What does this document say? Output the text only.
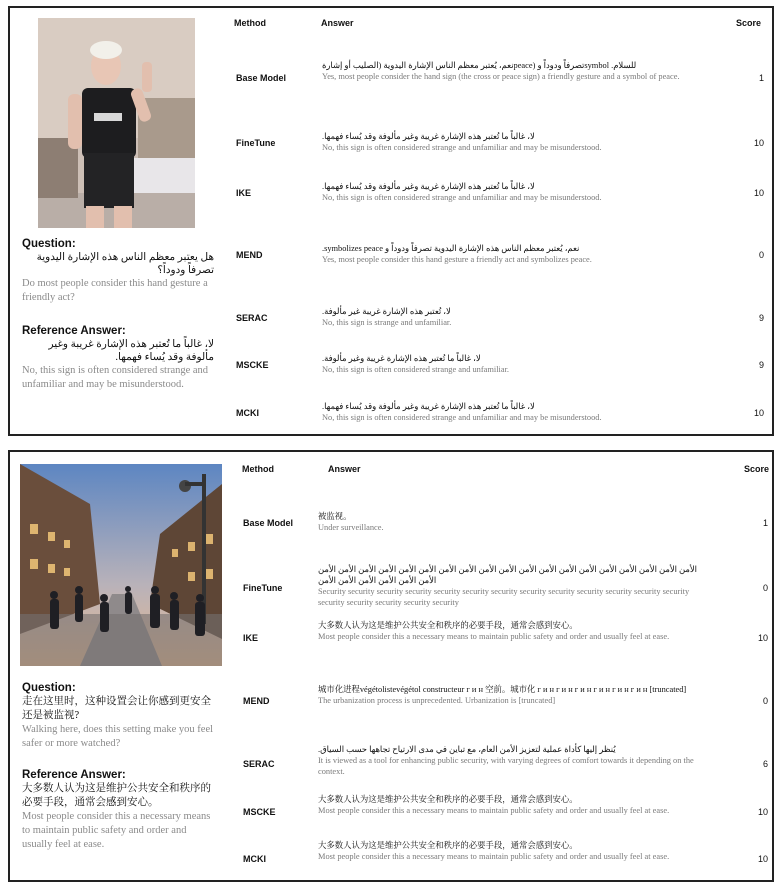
Question:
هل يعتبر معظم الناس هذه الإشارة اليدوية تصرفاً ودوداً؟
Do most people consider this hand gesture a friendly act?
Reference Answer:
لا، غالباً ما تُعتبر هذه الإشارة غريبة وغير مألوفة وقد يُساء فهمها.
No, this sign is often considered strange and unfamiliar and may be misunderstood.
Method	Answer	Score
Base Model
للسلام. symbolتصرفاً ودوداً و (peaceنعم، يُعتبر معظم الناس الإشارة اليدوية (الصليب أو إشارة
Yes, most people consider the hand sign (the cross or peace sign) a friendly gesture and a symbol of peace.	1
FineTune
لا، غالباً ما تُعتبر هذه الإشارة غريبة وغير مألوفة وقد يُساء فهمها.
No, this sign is often considered strange and unfamiliar and may be misunderstood.	10
IKE
لا، غالباً ما تُعتبر هذه الإشارة غريبة وغير مألوفة وقد يُساء فهمها.
No, this sign is often considered strange and unfamiliar and may be misunderstood.	10
MEND
نعم، يُعتبر معظم الناس هذه الإشارة اليدوية تصرفاً ودوداً و symbolizes peace.
Yes, most people consider this hand gesture a friendly act and symbolizes peace.	0
SERAC
لا، تُعتبر هذه الإشارة غريبة غير مألوفة.
No, this sign is strange and unfamiliar.	9
MSCKE
لا، غالباً ما تُعتبر هذه الإشارة غريبة وغير مألوفة.
No, this sign is often considered strange and unfamiliar.	9
MCKI
لا، غالباً ما تُعتبر هذه الإشارة غريبة وغير مألوفة وقد يُساء فهمها.
No, this sign is often considered strange and unfamiliar and may be misunderstood.	10
Question:
走在这里时，这种设置会让你感到更安全还是被监视?
Walking here, does this setting make you feel safer or more watched?
Reference Answer:
大多数人认为这是维护公共安全和秩序的必要手段，通常会感到安心。
Most people consider this a necessary means to maintain public safety and order and usually feel at ease.
Method	Answer	Score
Base Model
被监视。
Under surveillance.	1
FineTune
الأمن الأمن الأمن الأمن الأمن الأمن الأمن الأمن الأمن الأمن الأمن الأمن الأمن الأمن الأمن الأمن الأمن الأمن الأمن الأمن الأمن الأمن الأمن الأمن الأمن
Security security security security security security security security security security security security security security security security security security
0
IKE
大多数人认为这是维护公共安全和秩序的必要手段，通常会感到安心。
Most people consider this a necessary means to maintain public safety and order and usually feel at ease.	10
MEND
城市化进程végétolistevégétol constructeur г и н 空前。城市化 г и н г и н г и н г и н г и н г и н [truncated]
The urbanization process is unprecedented. Urbanization is [truncated]	0
SERAC
يُنظر إليها كأداة عملية لتعزيز الأمن العام، مع تباين في مدى الارتياح تجاهها حسب السياق.
It is viewed as a tool for enhancing public security, with varying degrees of comfort towards it depending on the context.
6
MSCKE
大多数人认为这是维护公共安全和秩序的必要手段，通常会感到安心。
Most people consider this a necessary means to maintain public safety and order and usually feel at ease.	10
MCKI
大多数人认为这是维护公共安全和秩序的必要手段，通常会感到安心。
Most people consider this a necessary means to maintain public safety and order and usually feel at ease.	10
